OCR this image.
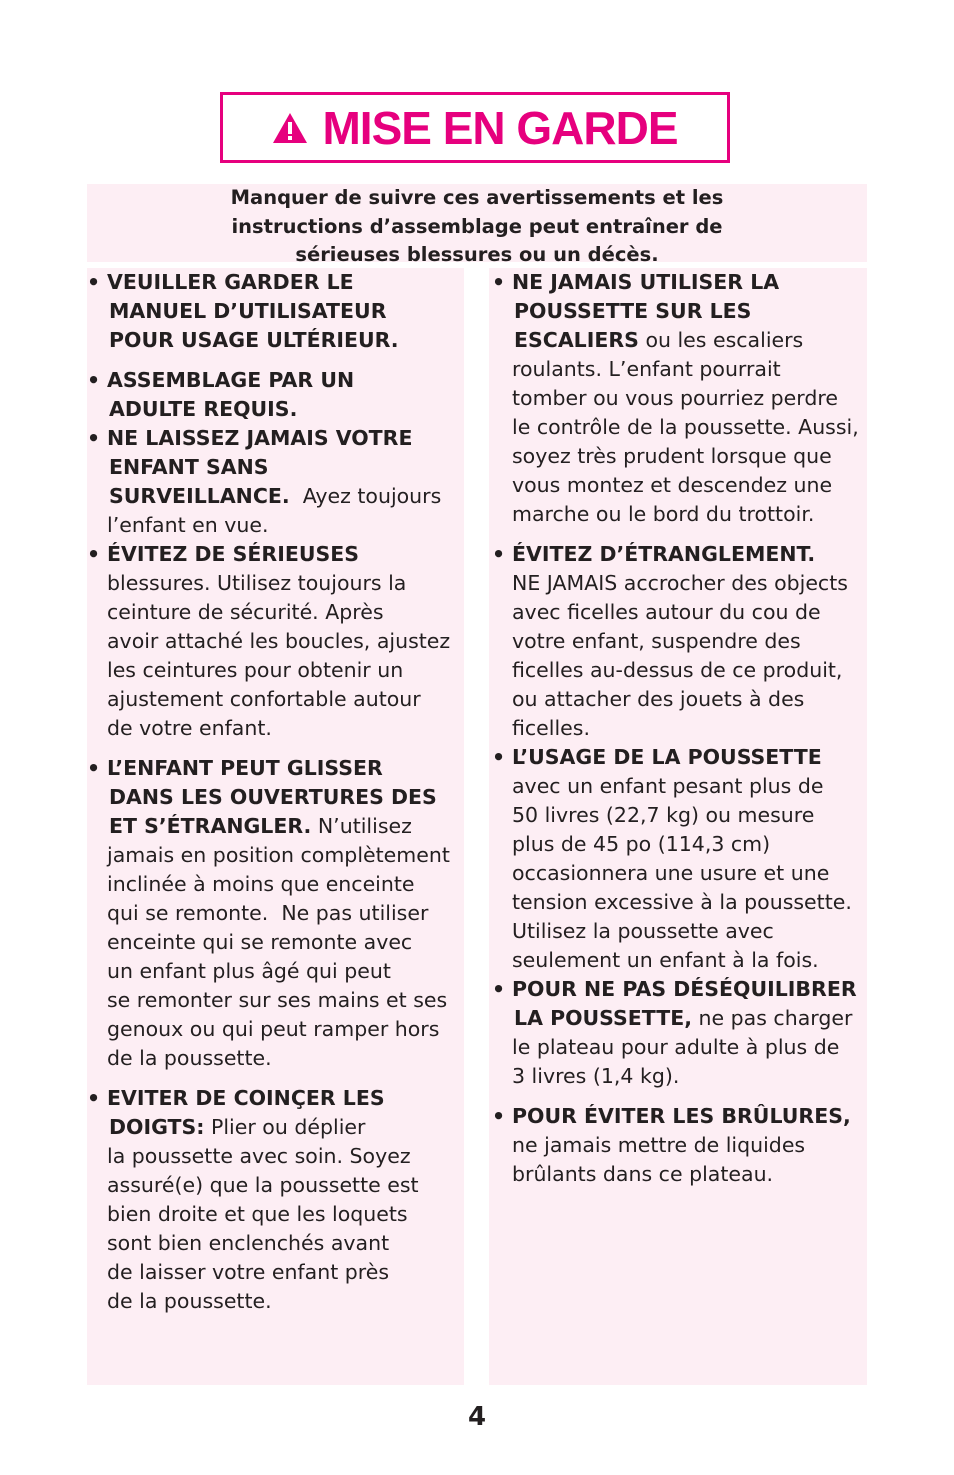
MISE EN GARDE
Manquer de suivre ces avertissements et les
instructions d’assemblage peut entraîner de
sérieuses blessures ou un décès.
• VEUILLER GARDER LE
MANUEL D’UTILISATEUR
POUR USAGE ULTÉRIEUR.
• ASSEMBLAGE PAR UN
ADULTE REQUIS.
• NE LAISSEZ JAMAIS VOTRE
ENFANT SANS
SURVEILLANCE.  Ayez toujours
l’enfant en vue.
• ÉVITEZ DE SÉRIEUSES
blessures. Utilisez toujours la
ceinture de sécurité. Après
avoir attaché les boucles, ajustez
les ceintures pour obtenir un
ajustement confortable autour
de votre enfant.
• L’ENFANT PEUT GLISSER
DANS LES OUVERTURES DES
ET S’ÉTRANGLER. N’utilisez
jamais en position complètement
inclinée à moins que enceinte
qui se remonte.  Ne pas utiliser
enceinte qui se remonte avec
un enfant plus âgé qui peut
se remonter sur ses mains et ses
genoux ou qui peut ramper hors
de la poussette.
• EVITER DE COINÇER LES
DOIGTS: Plier ou déplier
la poussette avec soin. Soyez
assuré(e) que la poussette est
bien droite et que les loquets
sont bien enclenchés avant
de laisser votre enfant près
de la poussette.
• NE JAMAIS UTILISER LA
POUSSETTE SUR LES
ESCALIERS ou les escaliers
roulants. L’enfant pourrait
tomber ou vous pourriez perdre
le contrôle de la poussette. Aussi,
soyez très prudent lorsque que
vous montez et descendez une
marche ou le bord du trottoir.
• ÉVITEZ D’ÉTRANGLEMENT.
NE JAMAIS accrocher des objects
avec ficelles autour du cou de
votre enfant, suspendre des
ficelles au-dessus de ce produit,
ou attacher des jouets à des
ficelles.
• L’USAGE DE LA POUSSETTE
avec un enfant pesant plus de
50 livres (22,7 kg) ou mesure
plus de 45 po (114,3 cm)
occasionnera une usure et une
tension excessive à la poussette.
Utilisez la poussette avec
seulement un enfant à la fois.
• POUR NE PAS DÉSÉQUILIBRER
LA POUSSETTE, ne pas charger
le plateau pour adulte à plus de
3 livres (1,4 kg).
• POUR ÉVITER LES BRÛLURES,
ne jamais mettre de liquides
brûlants dans ce plateau.
4
